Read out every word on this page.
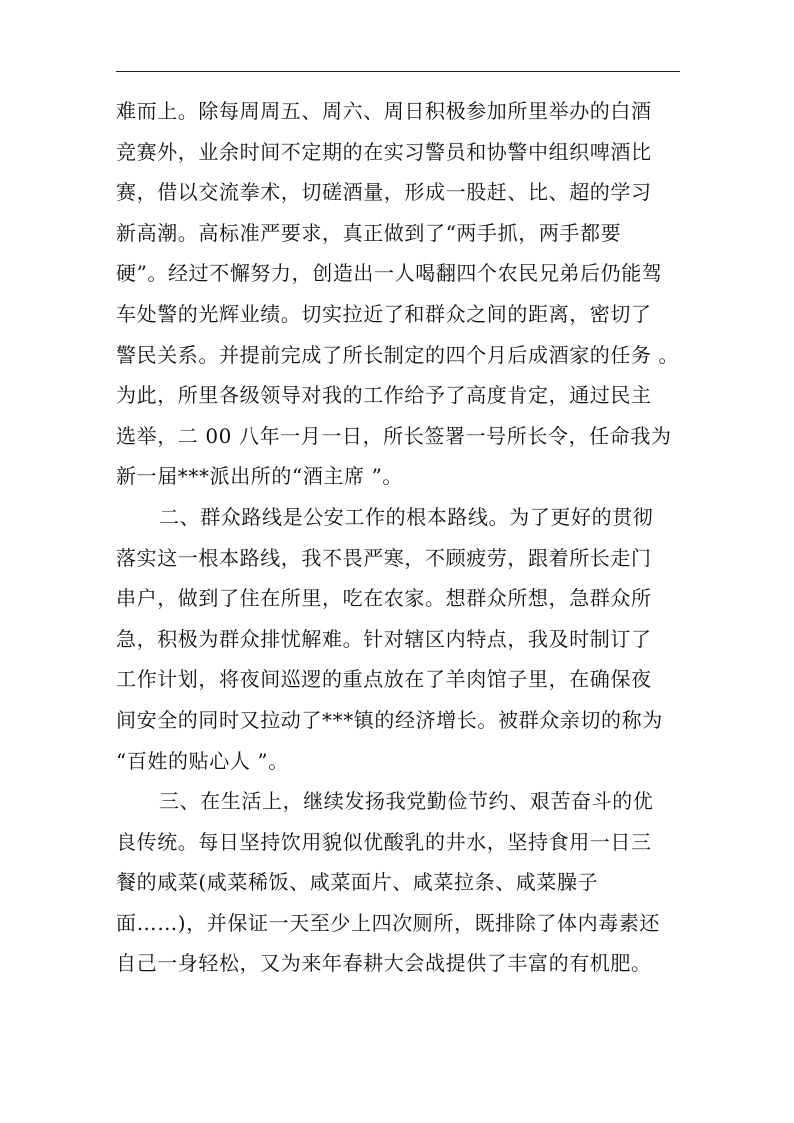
难而上。除每周周五、周六、周日积极参加所里举办的白酒
竞赛外，业余时间不定期的在实习警员和协警中组织啤酒比
赛，借以交流拳术，切磋酒量，形成一股赶、比、超的学习
新高潮。高标准严要求，真正做到了“两手抓，两手都要
硬”。经过不懈努力，创造出一人喝翻四个农民兄弟后仍能驾
车处警的光辉业绩。切实拉近了和群众之间的距离，密切了
警民关系。并提前完成了所长制定的四个月后成酒家的任务 。
为此，所里各级领导对我的工作给予了高度肯定，通过民主
选举，二 00 八年一月一日，所长签署一号所长令，任命我为
新一届***派出所的“酒主席 ”。
二、群众路线是公安工作的根本路线。为了更好的贯彻
落实这一根本路线，我不畏严寒，不顾疲劳，跟着所长走门
串户，做到了住在所里，吃在农家。想群众所想，急群众所
急，积极为群众排忧解难。针对辖区内特点，我及时制订了
工作计划，将夜间巡逻的重点放在了羊肉馆子里，在确保夜
间安全的同时又拉动了***镇的经济增长。被群众亲切的称为
“百姓的贴心人 ”。
三、在生活上，继续发扬我党勤俭节约、艰苦奋斗的优
良传统。每日坚持饮用貌似优酸乳的井水，坚持食用一日三
餐的咸菜(咸菜稀饭、咸菜面片、咸菜拉条、咸菜臊子
面……)，并保证一天至少上四次厕所，既排除了体内毒素还
自己一身轻松，又为来年春耕大会战提供了丰富的有机肥。
